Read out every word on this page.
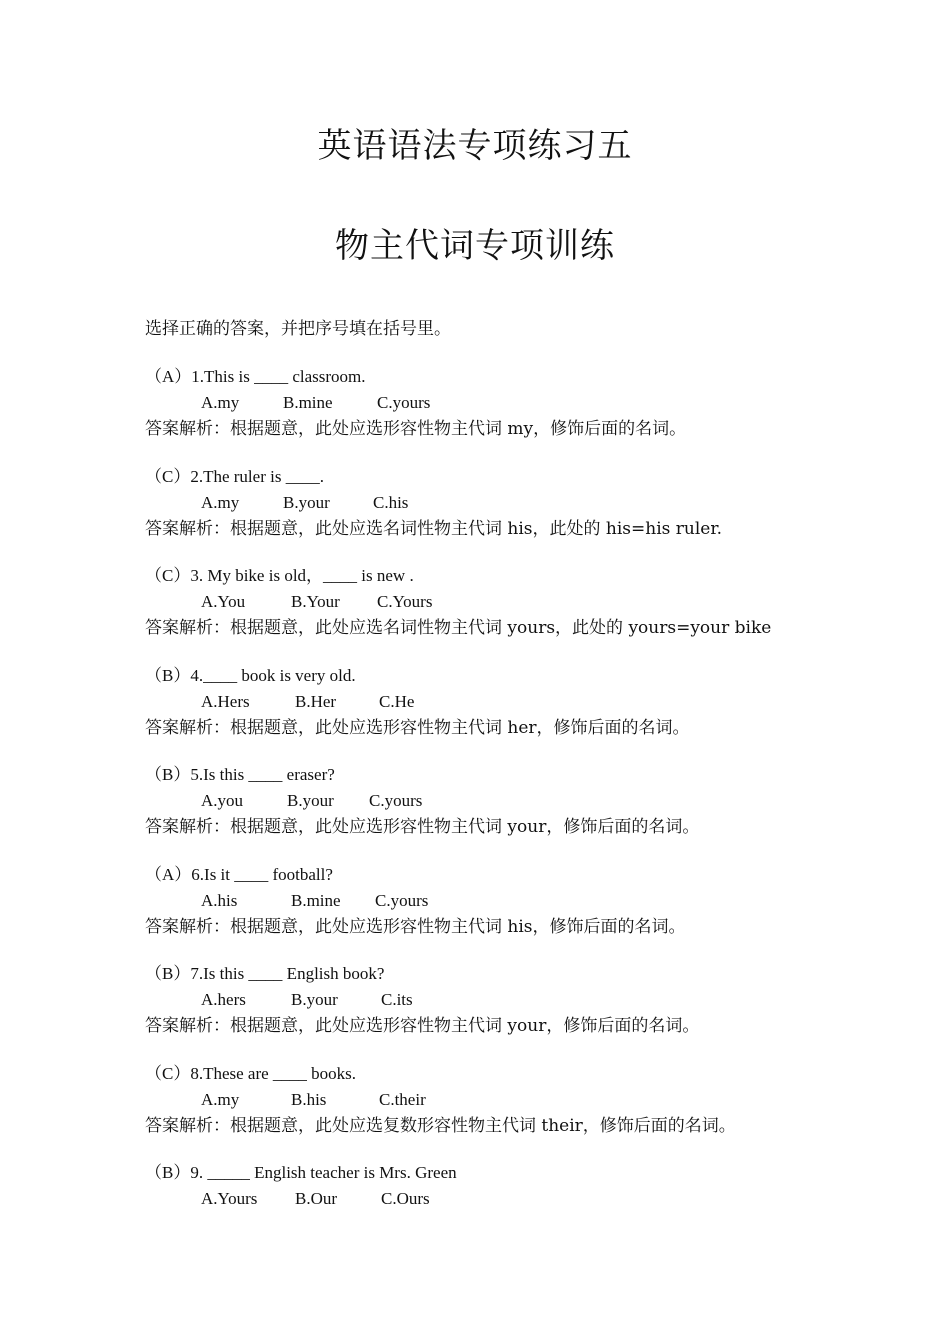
英语语法专项练习五
物主代词专项训练
选择正确的答案，并把序号填在括号里。
（A）1.This is ____ classroom.
A.my	B.mine	C.yours
答案解析：根据题意，此处应选形容性物主代词 my，修饰后面的名词。
（C）2.The ruler is ____.
A.my	B.your	C.his
答案解析：根据题意，此处应选名词性物主代词 his，此处的 his=his ruler.
（C）3. My bike is old，____ is new .
A.You	B.Your C.Yours
答案解析：根据题意，此处应选名词性物主代词 yours，此处的 yours=your bike
（B）4.____ book is very old.
A.Hers	B.Her	C.He
答案解析：根据题意，此处应选形容性物主代词 her，修饰后面的名词。
（B）5.Is this ____ eraser?
A.you	B.your C.yours
答案解析：根据题意，此处应选形容性物主代词 your，修饰后面的名词。
（A）6.Is it ____ football?
A.his	B.mine C.yours
答案解析：根据题意，此处应选形容性物主代词 his，修饰后面的名词。
（B）7.Is this ____ English book?
A.hers	B.your	C.its
答案解析：根据题意，此处应选形容性物主代词 your，修饰后面的名词。
（C）8.These are ____ books.
A.my	B.his	C.their
答案解析：根据题意，此处应选复数形容性物主代词 their，修饰后面的名词。
（B）9. _____ English teacher is Mrs. Green
A.Yours B.Our	C.Ours
